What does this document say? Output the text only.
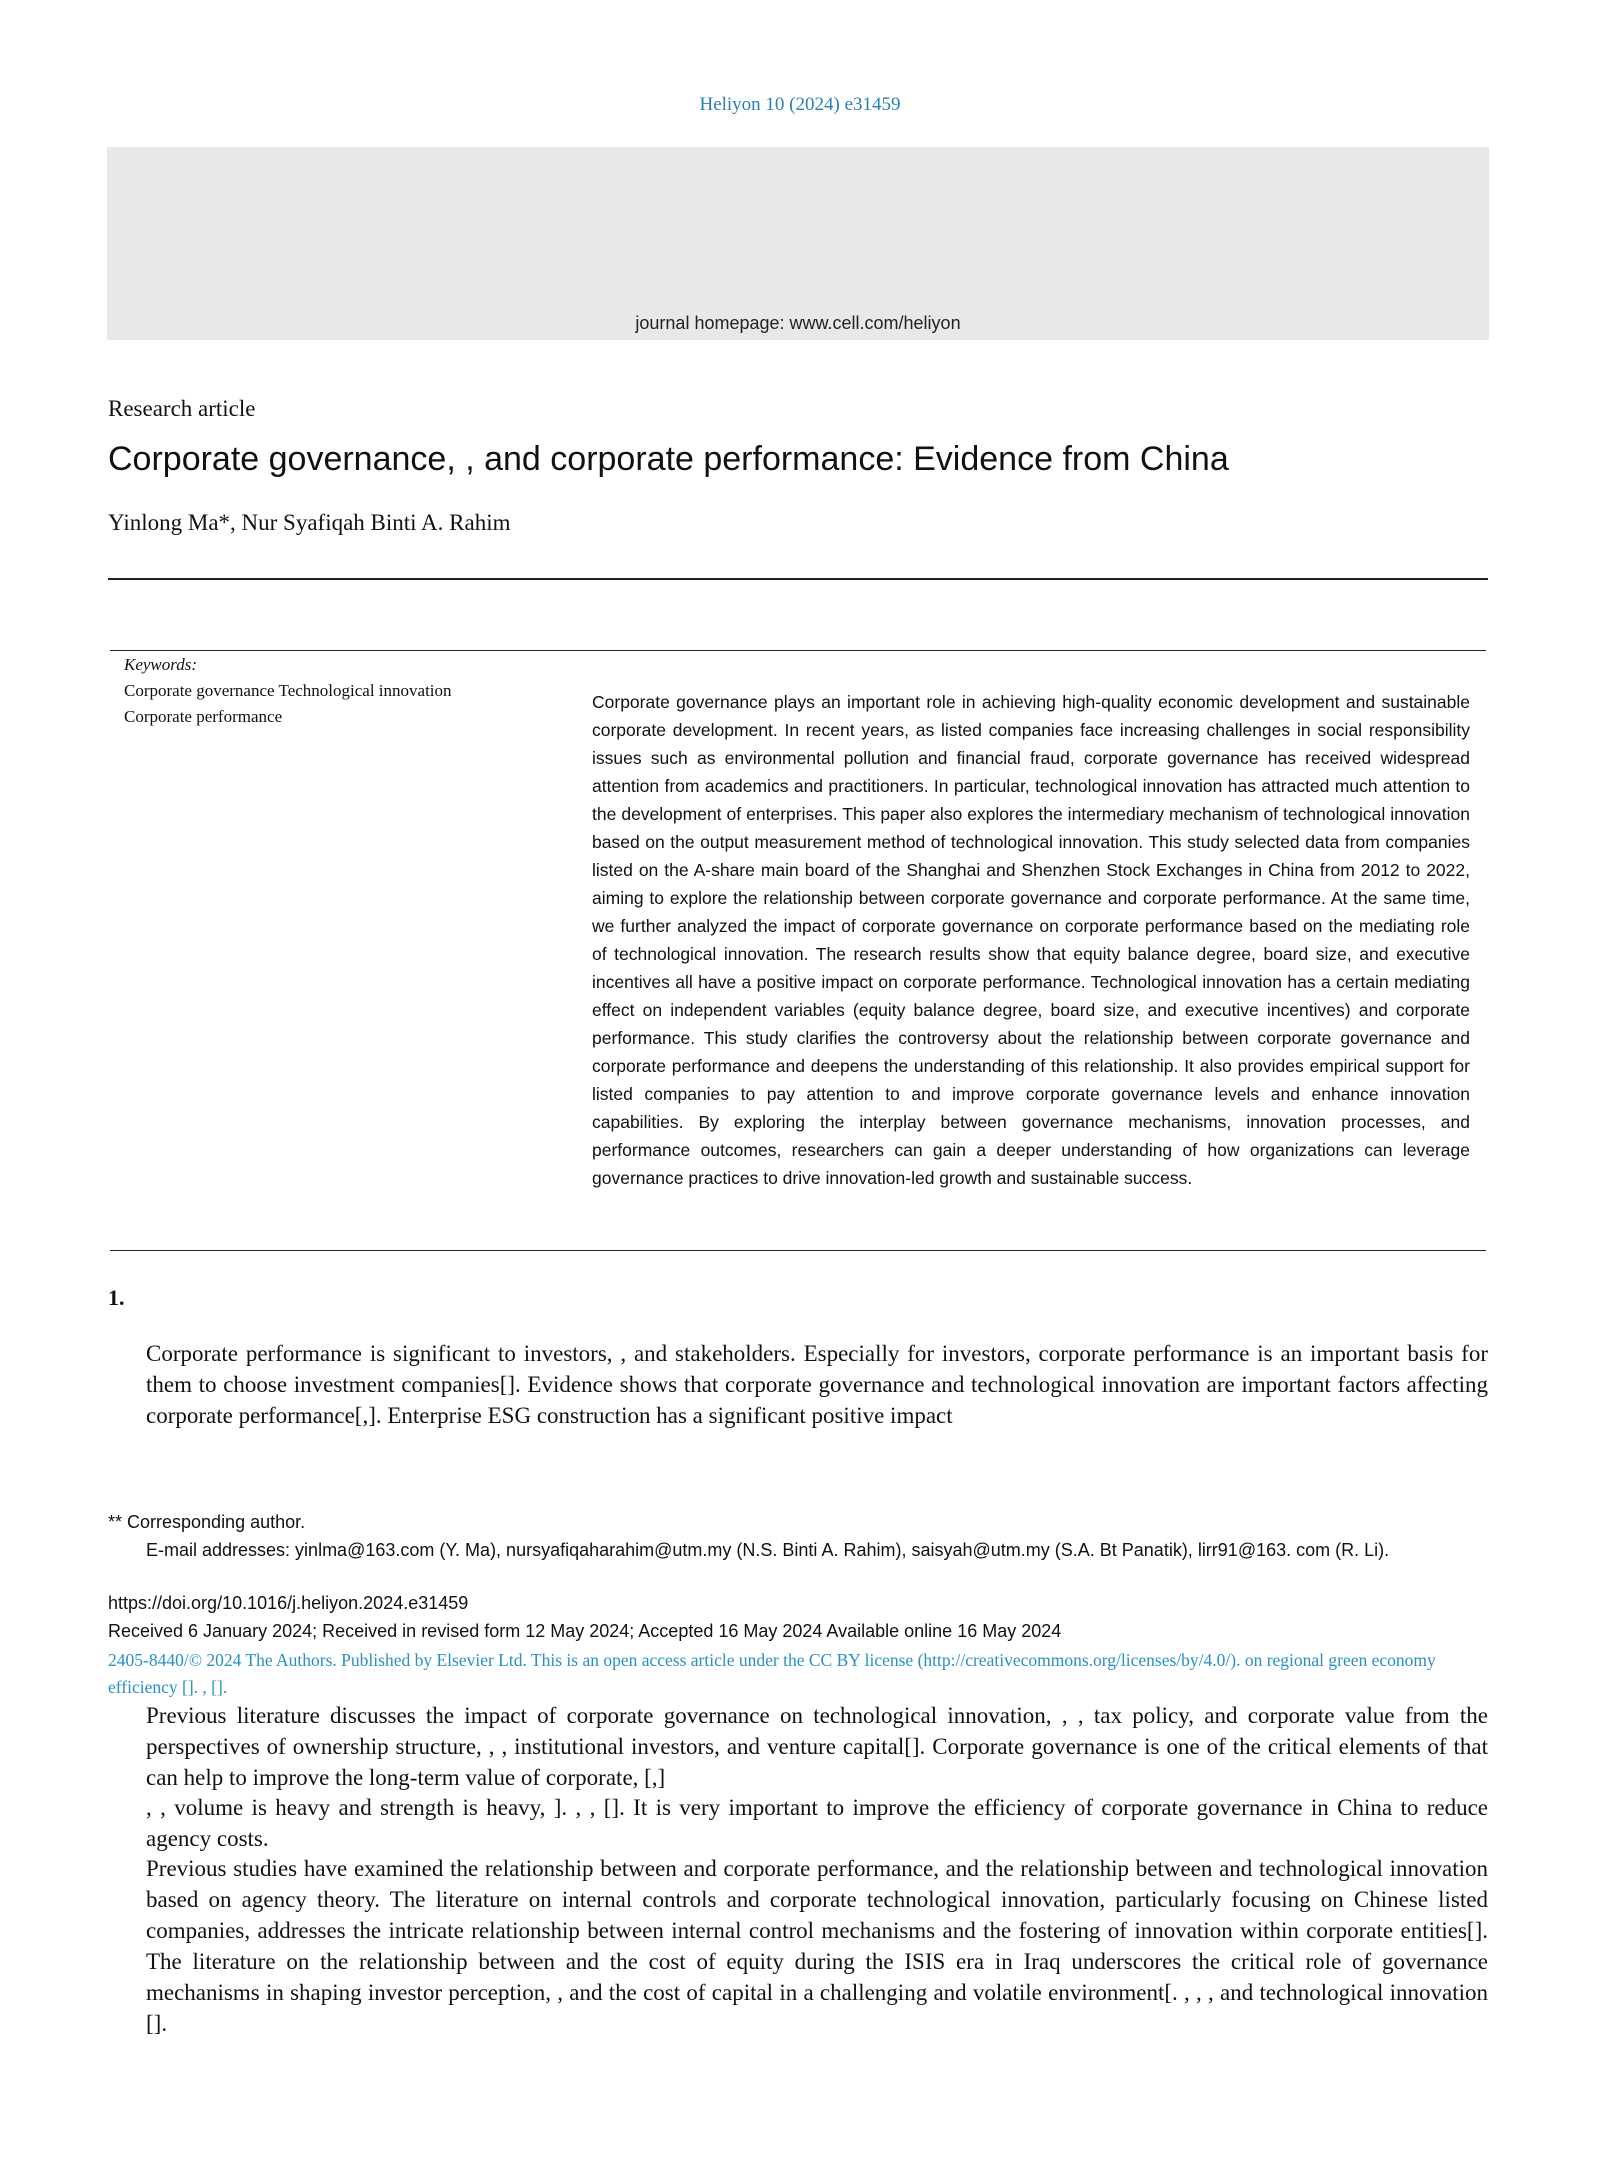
Heliyon 10 (2024) e31459
journal homepage: www.cell.com/heliyon
Research article
Corporate governance, , and corporate performance: Evidence from China
Yinlong Ma*, Nur Syafiqah Binti A. Rahim
Keywords:
Corporate governance Technological innovation
Corporate performance
Corporate governance plays an important role in achieving high-quality economic development and sustainable corporate development. In recent years, as listed companies face increasing challenges in social responsibility issues such as environmental pollution and financial fraud, corporate governance has received widespread attention from academics and practitioners. In particular, technological innovation has attracted much attention to the development of enterprises. This paper also explores the intermediary mechanism of technological innovation based on the output measurement method of technological innovation. This study selected data from companies listed on the A-share main board of the Shanghai and Shenzhen Stock Exchanges in China from 2012 to 2022, aiming to explore the relationship between corporate governance and corporate performance. At the same time, we further analyzed the impact of corporate governance on corporate performance based on the mediating role of technological innovation. The research results show that equity balance degree, board size, and executive incentives all have a positive impact on corporate performance. Technological innovation has a certain mediating effect on independent variables (equity balance degree, board size, and executive incentives) and corporate performance. This study clarifies the controversy about the relationship between corporate governance and corporate performance and deepens the understanding of this relationship. It also provides empirical support for listed companies to pay attention to and improve corporate governance levels and enhance innovation capabilities. By exploring the interplay between governance mechanisms, innovation processes, and performance outcomes, researchers can gain a deeper understanding of how organizations can leverage governance practices to drive innovation-led growth and sustainable success.
1.
Corporate performance is significant to investors, , and stakeholders. Especially for investors, corporate performance is an important basis for them to choose investment companies[]. Evidence shows that corporate governance and technological innovation are important factors affecting corporate performance[,]. Enterprise ESG construction has a significant positive impact
** Corresponding author.
E-mail addresses: yinlma@163.com (Y. Ma), nursyafiqaharahim@utm.my (N.S. Binti A. Rahim), saisyah@utm.my (S.A. Bt Panatik), lirr91@163. com (R. Li).
https://doi.org/10.1016/j.heliyon.2024.e31459
Received 6 January 2024; Received in revised form 12 May 2024; Accepted 16 May 2024 Available online 16 May 2024
2405-8440/© 2024 The Authors. Published by Elsevier Ltd. This is an open access article under the CC BY license (http://creativecommons.org/licenses/by/4.0/). on regional green economy efficiency []. , [].
Previous literature discusses the impact of corporate governance on technological innovation, , , tax policy, and corporate value from the perspectives of ownership structure, , , institutional investors, and venture capital[]. Corporate governance is one of the critical elements of that can help to improve the long-term value of corporate, [,]
, , volume is heavy and strength is heavy, ]. , , []. It is very important to improve the efficiency of corporate governance in China to reduce agency costs.
Previous studies have examined the relationship between and corporate performance, and the relationship between and technological innovation based on agency theory. The literature on internal controls and corporate technological innovation, particularly focusing on Chinese listed companies, addresses the intricate relationship between internal control mechanisms and the fostering of innovation within corporate entities[]. The literature on the relationship between and the cost of equity during the ISIS era in Iraq underscores the critical role of governance mechanisms in shaping investor perception, , and the cost of capital in a challenging and volatile environment[. , , , and technological innovation [].
